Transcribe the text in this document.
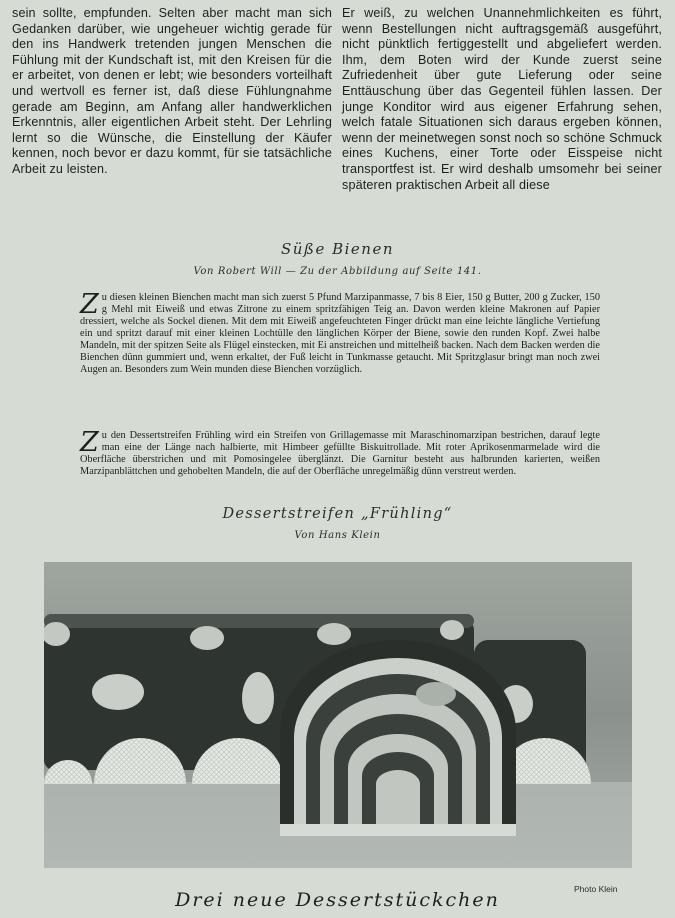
sein sollte, empfunden. Selten aber macht man sich Gedanken darüber, wie ungeheuer wichtig gerade für den ins Handwerk tretenden jungen Menschen die Fühlung mit der Kundschaft ist, mit den Kreisen für die er arbeitet, von denen er lebt; wie besonders vorteilhaft und wertvoll es ferner ist, daß diese Fühlungnahme gerade am Beginn, am Anfang aller handwerklichen Erkenntnis, aller eigentlichen Arbeit steht. Der Lehrling lernt so die Wünsche, die Einstellung der Käufer kennen, noch bevor er dazu kommt, für sie tatsächliche Arbeit zu leisten.

Er weiß, zu welchen Unannehmlichkeiten es führt, wenn Bestellungen nicht auftragsgemäß ausgeführt, nicht pünktlich fertiggestellt und abgeliefert werden. Ihm, dem Boten wird der Kunde zuerst seine Zufriedenheit über gute Lieferung oder seine Enttäuschung über das Gegenteil fühlen lassen. Der junge Konditor wird aus eigener Erfahrung sehen, welch fatale Situationen sich daraus ergeben können, wenn der meinetwegen sonst noch so schöne Schmuck eines Kuchens, einer Torte oder Eisspeise nicht transportfest ist. Er wird deshalb umsomehr bei seiner späteren praktischen Arbeit all diese

Süße Bienen
Von Robert Will — Zu der Abbildung auf Seite 141.

Z u diesen kleinen Bienchen macht man sich zuerst 5 Pfund Marzipanmasse, 7 bis 8 Eier, 150 g Butter, 200 g Zucker, 150 g Mehl mit Eiweiß und etwas Zitrone zu einem spritzfähigen Teig an. Davon werden kleine Makronen auf Papier dressiert, welche als Sockel dienen. Mit dem mit Eiweiß angefeuchteten Finger drückt man eine leichte längliche Vertiefung ein und spritzt darauf mit einer kleinen Lochtülle den länglichen Körper der Biene, sowie den runden Kopf. Zwei halbe Mandeln, mit der spitzen Seite als Flügel einstecken, mit Ei anstreichen und mittelheiß backen. Nach dem Backen werden die Bienchen dünn gummiert und, wenn erkaltet, der Fuß leicht in Tunkmasse getaucht. Mit Spritzglasur bringt man noch zwei Augen an. Besonders zum Wein munden diese Bienchen vorzüglich.

Z u den Dessertstreifen Frühling wird ein Streifen von Grillagemasse mit Maraschinomarzipan bestrichen, darauf legte man eine der Länge nach halbierte, mit Himbeer gefüllte Biskuitrollade. Mit roter Aprikosenmarmelade wird die Oberfläche überstrichen und mit Pomosingelee überglänzt. Die Garnitur besteht aus halbrunden karierten, weißen Marzipanblättchen und gehobelten Mandeln, die auf der Oberfläche unregelmäßig dünn verstreut werden.

Dessertstreifen „Frühling“
Von Hans Klein
Photo Klein
Drei neue Dessertstückchen
